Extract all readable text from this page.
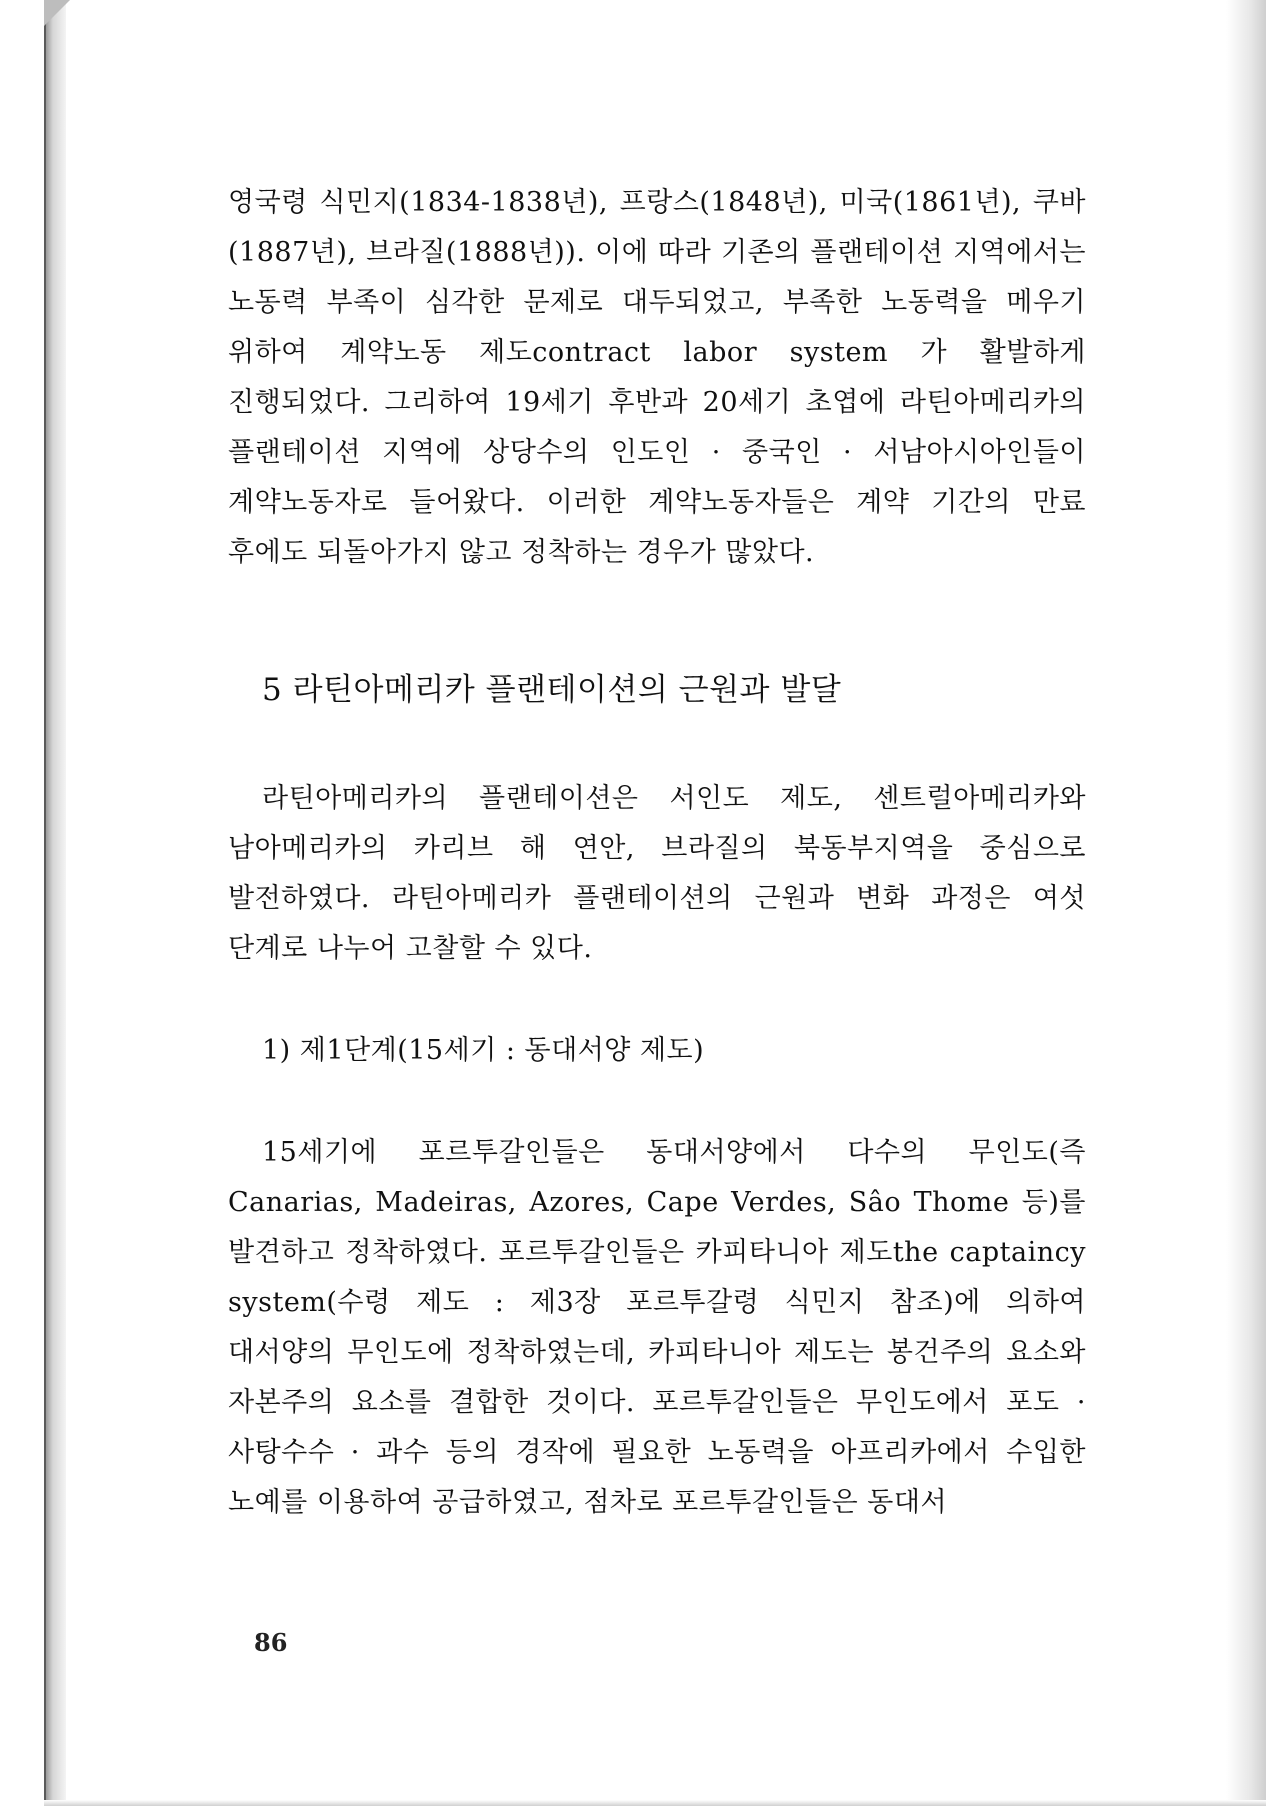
영국령 식민지(1834-1838년), 프랑스(1848년), 미국(1861년), 쿠바(1887년), 브라질(1888년)). 이에 따라 기존의 플랜테이션 지역에서는 노동력 부족이 심각한 문제로 대두되었고, 부족한 노동력을 메우기 위하여 계약노동 제도contract labor system 가 활발하게 진행되었다. 그리하여 19세기 후반과 20세기 초엽에 라틴아메리카의 플랜테이션 지역에 상당수의 인도인 · 중국인 · 서남아시아인들이 계약노동자로 들어왔다. 이러한 계약노동자들은 계약 기간의 만료 후에도 되돌아가지 않고 정착하는 경우가 많았다.

5 라틴아메리카 플랜테이션의 근원과 발달

라틴아메리카의 플랜테이션은 서인도 제도, 센트럴아메리카와 남아메리카의 카리브 해 연안, 브라질의 북동부지역을 중심으로 발전하였다. 라틴아메리카 플랜테이션의 근원과 변화 과정은 여섯 단계로 나누어 고찰할 수 있다.

1) 제1단계(15세기 : 동대서양 제도)

15세기에 포르투갈인들은 동대서양에서 다수의 무인도(즉 Canarias, Madeiras, Azores, Cape Verdes, Sâo Thome 등)를 발견하고 정착하였다. 포르투갈인들은 카피타니아 제도the captaincy system(수령 제도 : 제3장 포르투갈령 식민지 참조)에 의하여 대서양의 무인도에 정착하였는데, 카피타니아 제도는 봉건주의 요소와 자본주의 요소를 결합한 것이다. 포르투갈인들은 무인도에서 포도 · 사탕수수 · 과수 등의 경작에 필요한 노동력을 아프리카에서 수입한 노예를 이용하여 공급하였고, 점차로 포르투갈인들은 동대서

86
